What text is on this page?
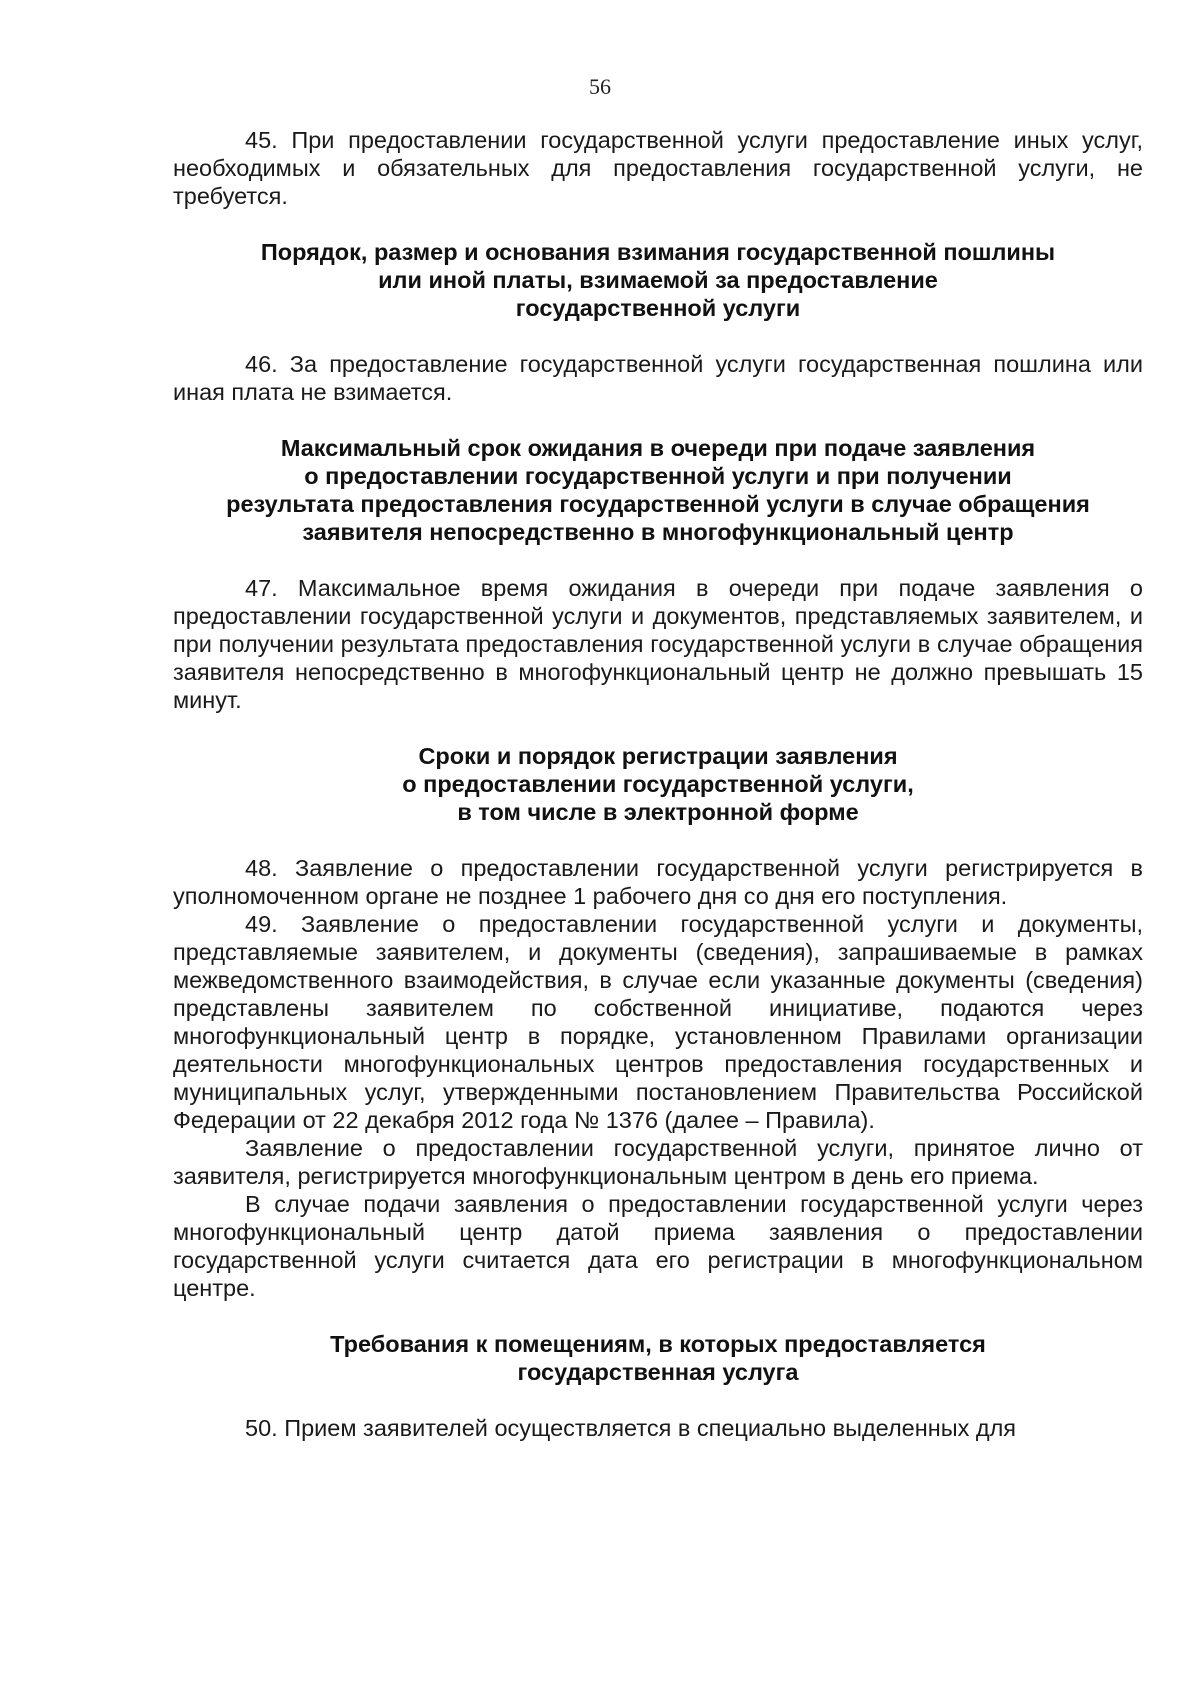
56

45. При предоставлении государственной услуги предоставление иных услуг, необходимых и обязательных для предоставления государственной услуги, не требуется.

Порядок, размер и основания взимания государственной пошлины
или иной платы, взимаемой за предоставление
государственной услуги

46. За предоставление государственной услуги государственная пошлина или иная плата не взимается.

Максимальный срок ожидания в очереди при подаче заявления
о предоставлении государственной услуги и при получении
результата предоставления государственной услуги в случае обращения
заявителя непосредственно в многофункциональный центр

47. Максимальное время ожидания в очереди при подаче заявления о предоставлении государственной услуги и документов, представляемых заявителем, и при получении результата предоставления государственной услуги в случае обращения заявителя непосредственно в многофункциональный центр не должно превышать 15 минут.

Сроки и порядок регистрации заявления
о предоставлении государственной услуги,
в том числе в электронной форме

48. Заявление о предоставлении государственной услуги регистрируется в уполномоченном органе не позднее 1 рабочего дня со дня его поступления.

49. Заявление о предоставлении государственной услуги и документы, представляемые заявителем, и документы (сведения), запрашиваемые в рамках межведомственного взаимодействия, в случае если указанные документы (сведения) представлены заявителем по собственной инициативе, подаются через многофункциональный центр в порядке, установленном Правилами организации деятельности многофункциональных центров предоставления государственных и муниципальных услуг, утвержденными постановлением Правительства Российской Федерации от 22 декабря 2012 года № 1376 (далее – Правила).

Заявление о предоставлении государственной услуги, принятое лично от заявителя, регистрируется многофункциональным центром в день его приема.

В случае подачи заявления о предоставлении государственной услуги через многофункциональный центр датой приема заявления о предоставлении государственной услуги считается дата его регистрации в многофункциональном центре.

Требования к помещениям, в которых предоставляется
государственная услуга

50. Прием заявителей осуществляется в специально выделенных для
